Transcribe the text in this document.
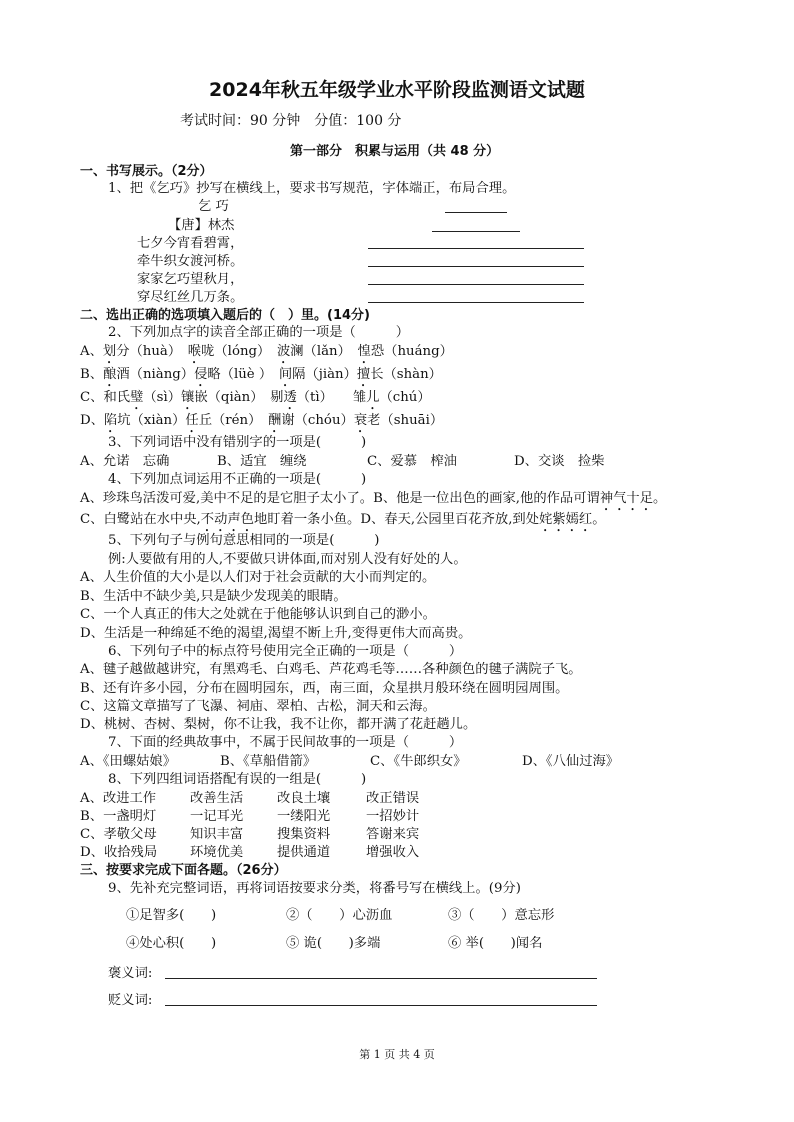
2024年秋五年级学业水平阶段监测语文试题
考试时间：90 分钟　分值：100 分
第一部分　积累与运用（共 48 分）
一、书写展示。（2分）
1、把《乞巧》抄写在横线上，要求书写规范，字体端正，布局合理。
乞 巧
【唐】林杰
七夕今宵看碧霄，
牵牛织女渡河桥。
家家乞巧望秋月，
穿尽红丝几万条。
二、选出正确的选项填入题后的（　）里。(14分)
2、下列加点字的读音全部正确的一项是（　　　）
A、划分（huà）　喉咙（lóng）　波澜（lǎn）　惶恐（huáng）
B、酿酒（niàng）侵略（lüè ）　间隔（jiàn）擅长（shàn）
C、和氏璧（sì）镶嵌（qiàn）　剔透（tì）　　雏儿（chú）
D、陷坑（xiàn）任丘（rén）　酬谢（chóu）衰老（shuāi）
3、下列词语中没有错别字的一项是(　　　)
A、允诺　忘确	B、适宜　缠绕	C、爱慕　榨油	D、交谈　捡柴
4、下列加点词运用不正确的一项是(　　　)
A、珍珠鸟活泼可爱,美中不足的是它胆子太小了。B、他是一位出色的画家,他的作品可谓神气十足。
C、白鹭站在水中央,不动声色地盯着一条小鱼。D、春天,公园里百花齐放,到处姹紫嫣红。
5、下列句子与例句意思相同的一项是(　　　)
例:人要做有用的人,不要做只讲体面,而对别人没有好处的人。
A、人生价值的大小是以人们对于社会贡献的大小而判定的。
B、生活中不缺少美,只是缺少发现美的眼睛。
C、一个人真正的伟大之处就在于他能够认识到自己的渺小。
D、生活是一种绵延不绝的渴望,渴望不断上升,变得更伟大而高贵。
6、下列句子中的标点符号使用完全正确的一项是（　　　）
A、毽子越做越讲究，有黑鸡毛、白鸡毛、芦花鸡毛等……各种颜色的毽子满院子飞。
B、还有许多小园，分布在圆明园东，西，南三面，众星拱月般环绕在圆明园周围。
C、这篇文章描写了飞瀑、祠庙、翠柏、古松，洞天和云海。
D、桃树、杏树、梨树，你不让我，我不让你，都开满了花赶趟儿。
7、下面的经典故事中，不属于民间故事的一项是（　　　）
A、《田螺姑娘》	B、《草船借箭》	C、《牛郎织女》	D、《八仙过海》
8、下列四组词语搭配有误的一组是(　　　)
A、改进工作	改善生活	改良土壤	改正错误
B、一盏明灯	一记耳光	一缕阳光	一招妙计
C、孝敬父母	知识丰富	搜集资料	答谢来宾
D、收拾残局 环境优美	提供通道	增强收入
三、按要求完成下面各题。（26分）
9、先补充完整词语，再将词语按要求分类，将番号写在横线上。(9分)
①足智多(　　)	②（　　）心沥血	③（　　）意忘形
④处心积(　　)	⑤ 诡(　　)多端	⑥ 举(　　)闻名
褒义词:
贬义词:
第 1 页 共 4 页
